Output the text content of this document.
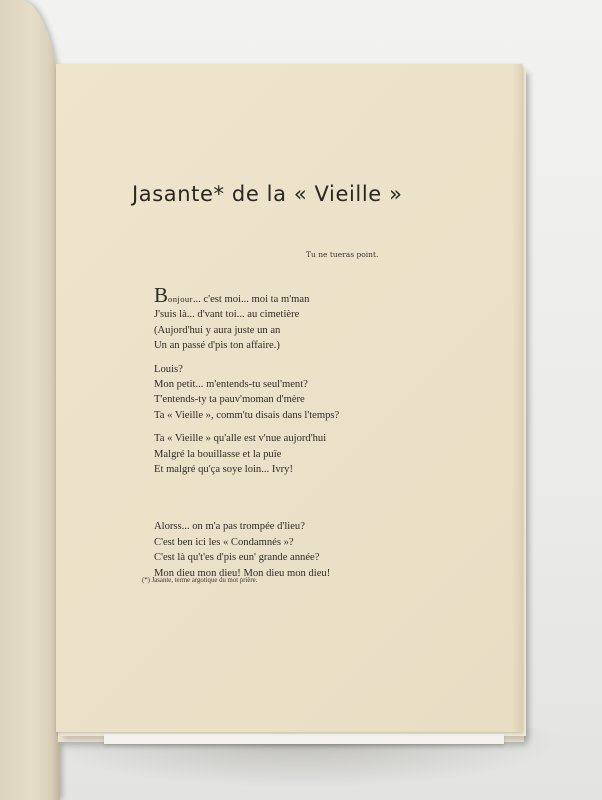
Jasante* de la « Vieille »
Tu ne tueras point.
Bonjour... c'est moi... moi ta m'man
J'suis là... d'vant toi... au cimetière
(Aujord'hui y aura juste un an
Un an passé d'pis ton affaire.)
Louis?
Mon petit... m'entends-tu seul'ment?
T'entends-ty ta pauv'moman d'mère
Ta « Vieille », comm'tu disais dans l'temps?
Ta « Vieille » qu'alle est v'nue aujord'hui
Malgré la bouillasse et la puïe
Et malgré qu'ça soye loin... Ivry!
Alorss... on m'a pas trompée d'lieu?
C'est ben ici les « Condamnés »?
C'est là qu't'es d'pis eun' grande année?
Mon dieu mon dieu! Mon dieu mon dieu!
(*) Jasante, terme argotique du mot prière.
